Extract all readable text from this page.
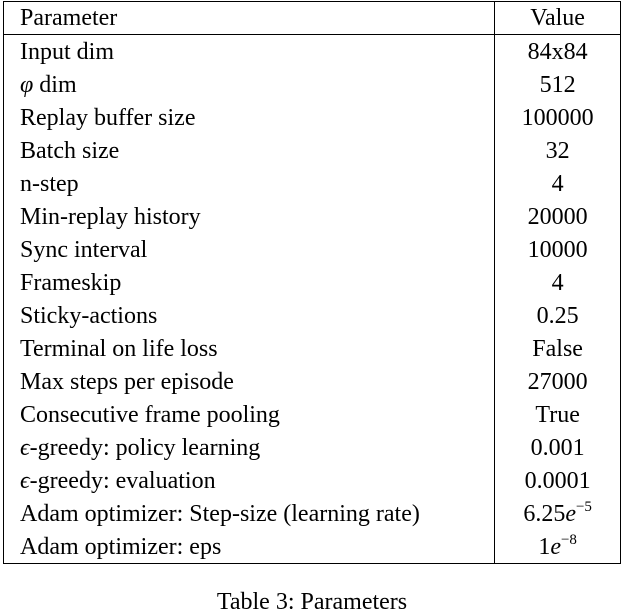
Parameter	Value
Input dim	84x84
φ dim	512
Replay buffer size	100000
Batch size	32
n-step	4
Min-replay history	20000
Sync interval	10000
Frameskip	4
Sticky-actions	0.25
Terminal on life loss	False
Max steps per episode	27000
Consecutive frame pooling	True
ϵ-greedy: policy learning	0.001
ϵ-greedy: evaluation	0.0001
Adam optimizer: Step-size (learning rate)	$6.25e^{-5}$
Adam optimizer: eps	$1e^{-8}$
Table 3: Parameters
